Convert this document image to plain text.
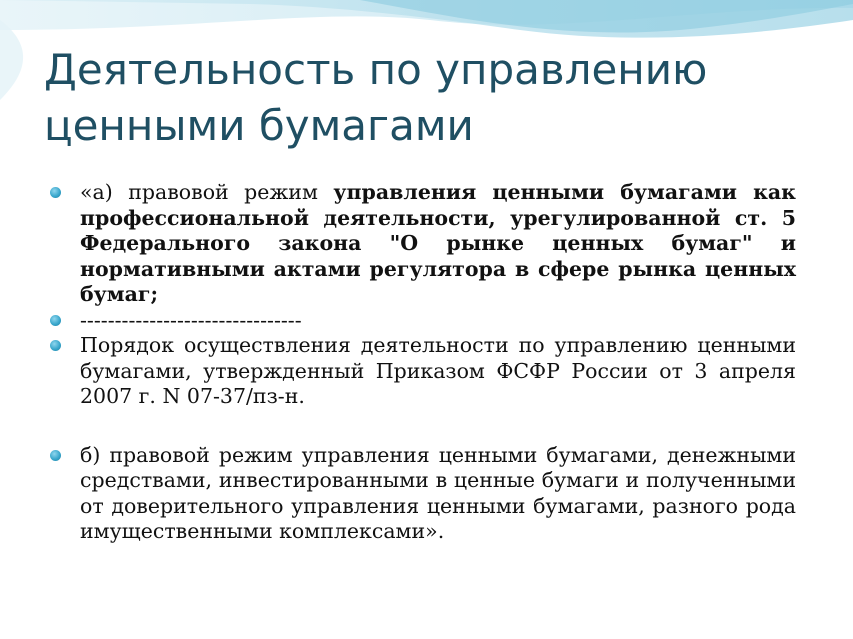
Деятельность по управлению
ценными бумагами
«а) правовой режим управления ценными бумагами как профессиональной деятельности, урегулированной ст. 5 Федерального закона "О рынке ценных бумаг" и нормативными актами регулятора в сфере рынка ценных бумаг;
--------------------------------
Порядок осуществления деятельности по управлению ценными бумагами, утвержденный Приказом ФСФР России от 3 апреля 2007 г. N 07-37/пз-н.
б) правовой режим управления ценными бумагами, денежными средствами, инвестированными в ценные бумаги и полученными от доверительного управления ценными бумагами, разного рода имущественными комплексами».
